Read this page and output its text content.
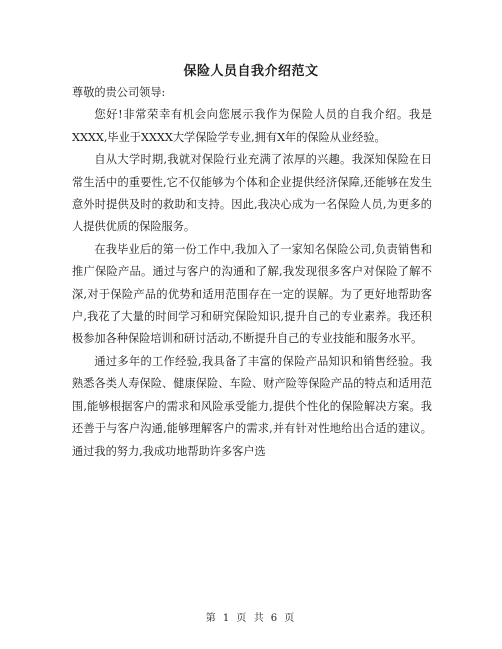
保险人员自我介绍范文

尊敬的贵公司领导:

您好!非常荣幸有机会向您展示我作为保险人员的自我介绍。我是XXXX,毕业于XXXX大学保险学专业,拥有X年的保险从业经验。

自从大学时期,我就对保险行业充满了浓厚的兴趣。我深知保险在日常生活中的重要性,它不仅能够为个体和企业提供经济保障,还能够在发生意外时提供及时的救助和支持。因此,我决心成为一名保险人员,为更多的人提供优质的保险服务。

在我毕业后的第一份工作中,我加入了一家知名保险公司,负责销售和推广保险产品。通过与客户的沟通和了解,我发现很多客户对保险了解不深,对于保险产品的优势和适用范围存在一定的误解。为了更好地帮助客户,我花了大量的时间学习和研究保险知识,提升自己的专业素养。我还积极参加各种保险培训和研讨活动,不断提升自己的专业技能和服务水平。

通过多年的工作经验,我具备了丰富的保险产品知识和销售经验。我熟悉各类人寿保险、健康保险、车险、财产险等保险产品的特点和适用范围,能够根据客户的需求和风险承受能力,提供个性化的保险解决方案。我还善于与客户沟通,能够理解客户的需求,并有针对性地给出合适的建议。通过我的努力,我成功地帮助许多客户选

第 1 页 共 6 页
